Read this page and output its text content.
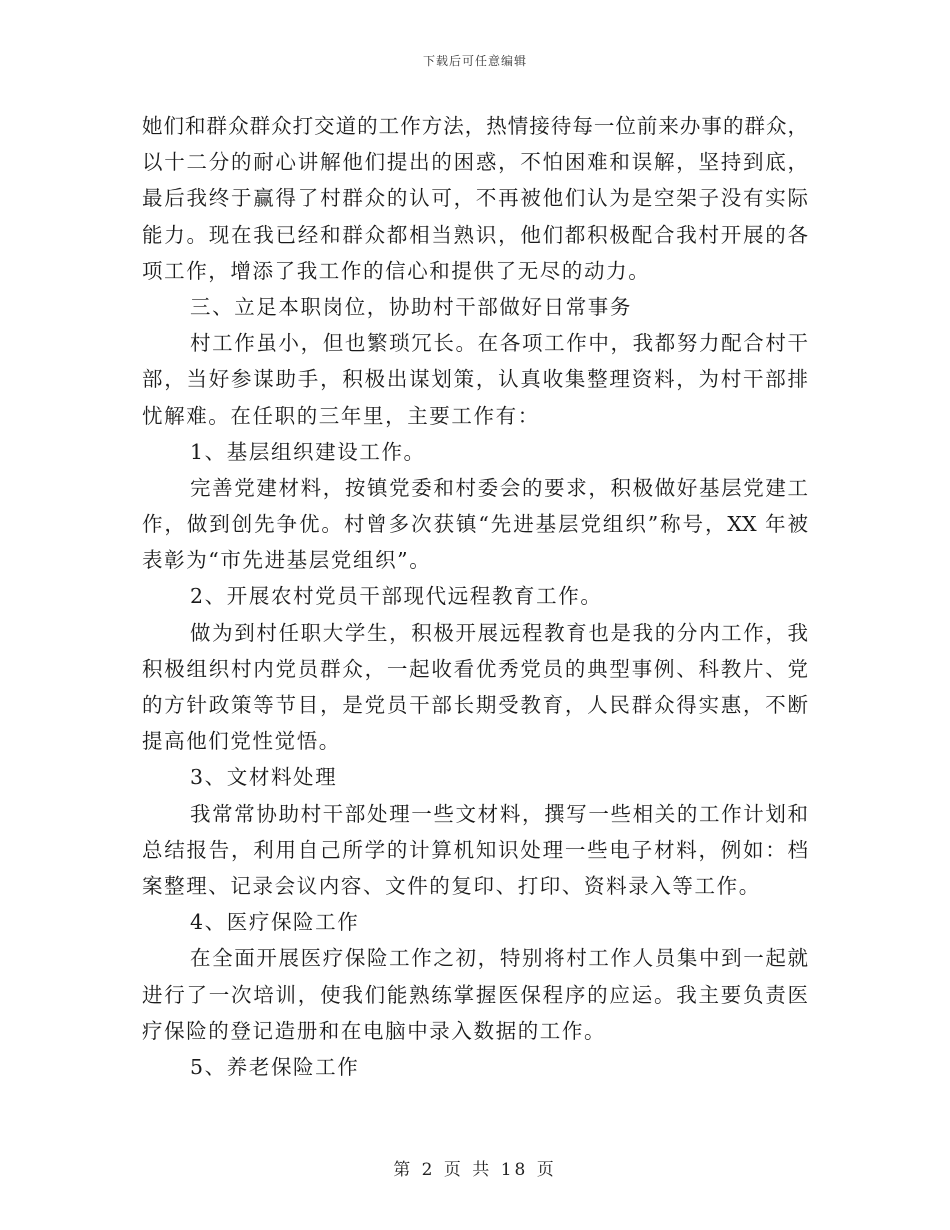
下载后可任意编辑
她们和群众群众打交道的工作方法，热情接待每一位前来办事的群众，
以十二分的耐心讲解他们提出的困惑，不怕困难和误解，坚持到底，
最后我终于赢得了村群众的认可，不再被他们认为是空架子没有实际
能力。现在我已经和群众都相当熟识，他们都积极配合我村开展的各
项工作，增添了我工作的信心和提供了无尽的动力。
三、立足本职岗位，协助村干部做好日常事务
村工作虽小，但也繁琐冗长。在各项工作中，我都努力配合村干
部，当好参谋助手，积极出谋划策，认真收集整理资料，为村干部排
忧解难。在任职的三年里，主要工作有：
1、基层组织建设工作。
完善党建材料，按镇党委和村委会的要求，积极做好基层党建工
作，做到创先争优。村曾多次获镇“先进基层党组织”称号，XX 年被
表彰为“市先进基层党组织”。
2、开展农村党员干部现代远程教育工作。
做为到村任职大学生，积极开展远程教育也是我的分内工作，我
积极组织村内党员群众，一起收看优秀党员的典型事例、科教片、党
的方针政策等节目，是党员干部长期受教育，人民群众得实惠，不断
提高他们党性觉悟。
3、文材料处理
我常常协助村干部处理一些文材料，撰写一些相关的工作计划和
总结报告，利用自己所学的计算机知识处理一些电子材料，例如：档
案整理、记录会议内容、文件的复印、打印、资料录入等工作。
4、医疗保险工作
在全面开展医疗保险工作之初，特别将村工作人员集中到一起就
进行了一次培训，使我们能熟练掌握医保程序的应运。我主要负责医
疗保险的登记造册和在电脑中录入数据的工作。
5、养老保险工作
第 2 页 共 18 页
